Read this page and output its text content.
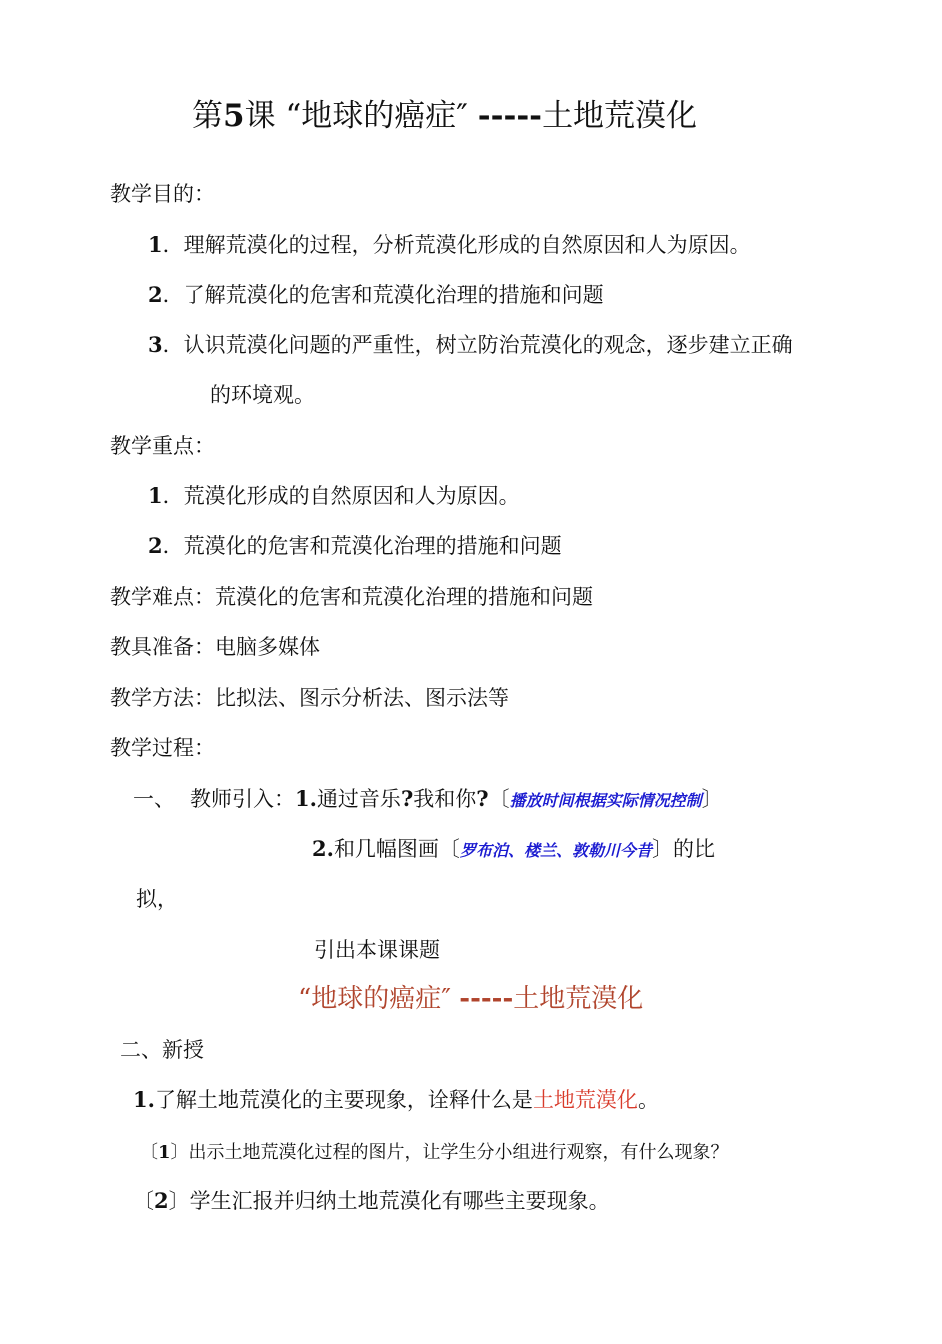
第5课 “地球的癌症″ -----土地荒漠化
教学目的：
1．理解荒漠化的过程，分析荒漠化形成的自然原因和人为原因。
2．了解荒漠化的危害和荒漠化治理的措施和问题
3．认识荒漠化问题的严重性，树立防治荒漠化的观念，逐步建立正确
的环境观。
教学重点：
1．荒漠化形成的自然原因和人为原因。
2．荒漠化的危害和荒漠化治理的措施和问题
教学难点：荒漠化的危害和荒漠化治理的措施和问题
教具准备：电脑多媒体
教学方法：比拟法、图示分析法、图示法等
教学过程：
一、 教师引入：1.通过音乐?我和你?〔播放时间根据实际情况控制〕
2.和几幅图画〔罗布泊、楼兰、敦勒川今昔〕的比
拟，
引出本课课题
“地球的癌症″ -----土地荒漠化
二、新授
1.了解土地荒漠化的主要现象，诠释什么是土地荒漠化。
〔1〕出示土地荒漠化过程的图片，让学生分小组进行观察，有什么现象？
〔2〕学生汇报并归纳土地荒漠化有哪些主要现象。
